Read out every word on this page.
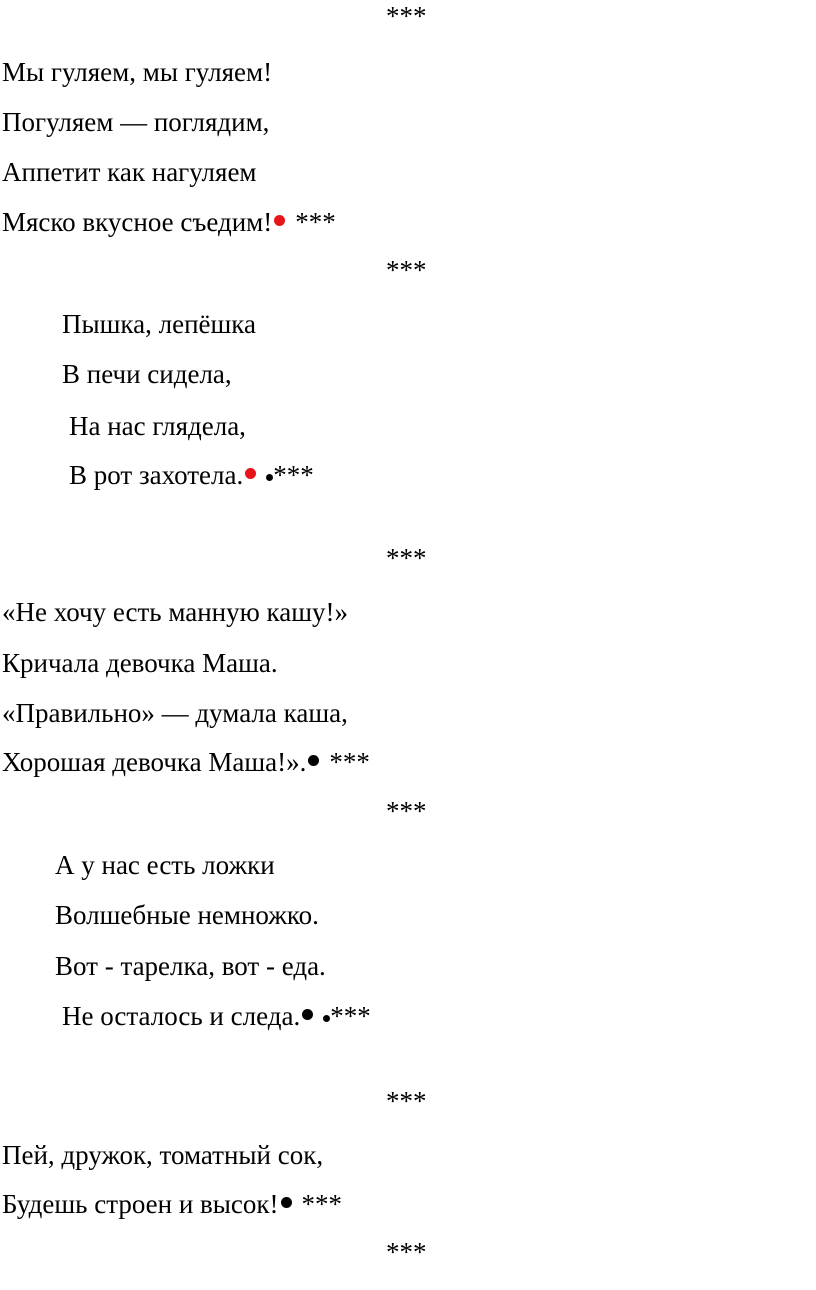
***

Мы гуляем, мы гуляем!

Погуляем — поглядим,

Аппетит как нагуляем

Мяско вкусное съедим! ***
***

Пышка, лепёшка

В печи сидела,

На нас глядела,

В рот захотела. ***
***

«Не хочу есть манную кашу!»

Кричала девочка Маша.

«Правильно» — думала каша,

Хорошая девочка Маша!». ***
***

А у нас есть ложки

Волшебные немножко.

Вот - тарелка, вот - еда.

Не осталось и следа. ***
***

Пей, дружок, томатный сок,

Будешь строен и высок! ***
***
